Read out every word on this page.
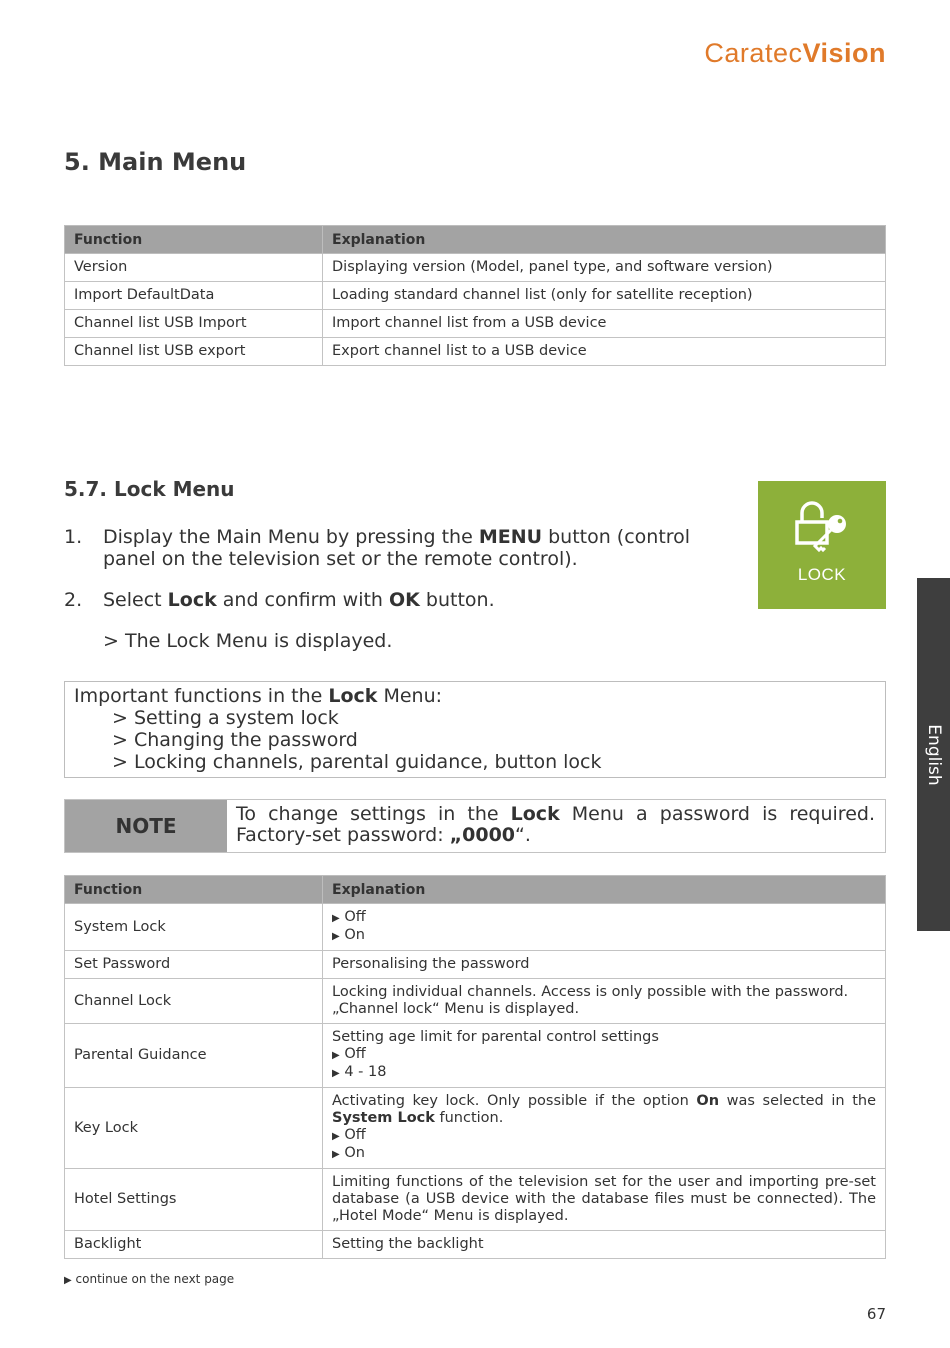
CaratecVision
5. Main Menu
Function	Explanation
Version	Displaying version (Model, panel type, and software version)
Import DefaultData	Loading standard channel list (only for satellite reception)
Channel list USB Import	Import channel list from a USB device
Channel list USB export	Export channel list to a USB device
5.7. Lock Menu
1.	Display the Main Menu by pressing the MENU button (control panel on the television set or the remote control).
2.	Select Lock and confirm with OK button.
> The Lock Menu is displayed.
LOCK
Important functions in the Lock Menu:
> Setting a system lock
> Changing the password
> Locking channels, parental guidance, button lock
NOTE	To change settings in the Lock Menu a password is required. Factory-set password: „0000“.
Function	Explanation
System Lock	▶ Off
▶ On

Set Password	Personalising the password
Channel Lock	Locking individual channels. Access is only possible with the password. „Channel lock“ Menu is displayed.
Parental Guidance	Setting age limit for parental control settings
▶ Off
▶ 4 - 18

Key Lock	Activating key lock. Only possible if the option On was selected in the System Lock function.
▶ Off
▶ On

Hotel Settings	Limiting functions of the television set for the user and importing pre-set database (a USB device with the database files must be connected). The „Hotel Mode“ Menu is displayed.
Backlight	Setting the backlight
▶ continue on the next page
67
English
